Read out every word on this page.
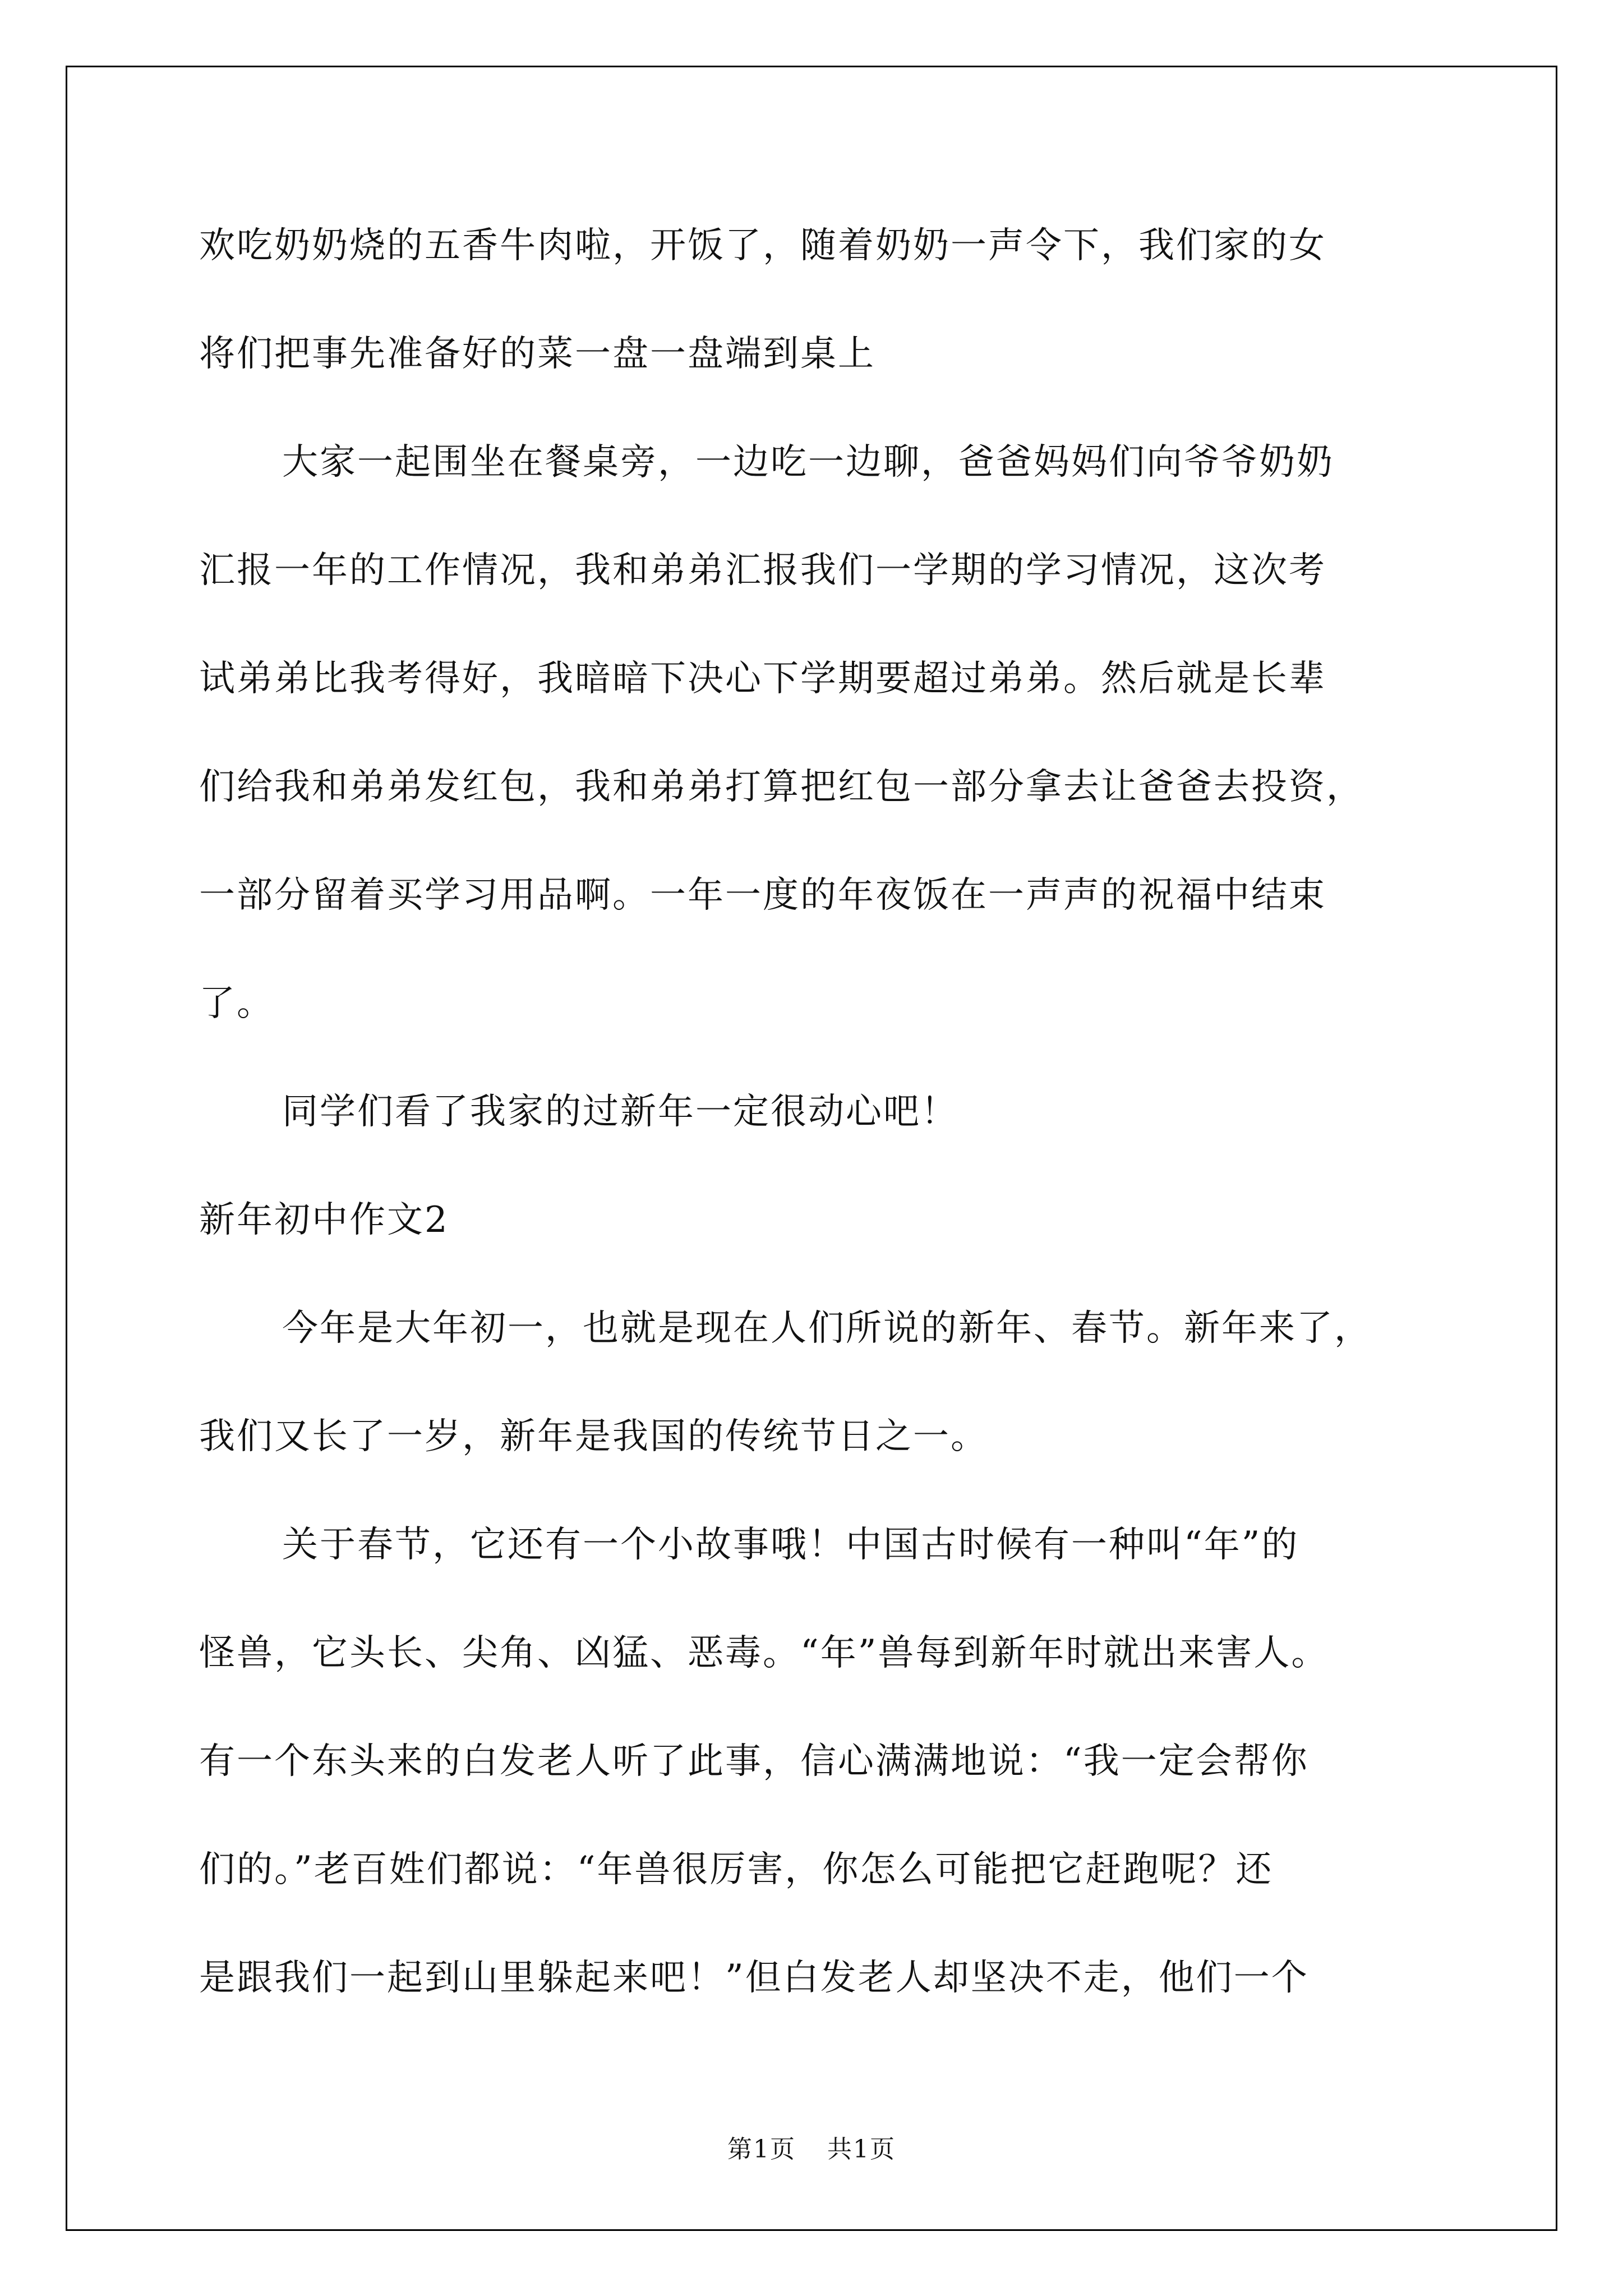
欢吃奶奶烧的五香牛肉啦，开饭了，随着奶奶一声令下，我们家的女

将们把事先准备好的菜一盘一盘端到桌上

大家一起围坐在餐桌旁，一边吃一边聊，爸爸妈妈们向爷爷奶奶

汇报一年的工作情况，我和弟弟汇报我们一学期的学习情况，这次考

试弟弟比我考得好，我暗暗下决心下学期要超过弟弟。然后就是长辈

们给我和弟弟发红包，我和弟弟打算把红包一部分拿去让爸爸去投资，

一部分留着买学习用品啊。一年一度的年夜饭在一声声的祝福中结束

了。

同学们看了我家的过新年一定很动心吧！

新年初中作文2

今年是大年初一，也就是现在人们所说的新年、春节。新年来了，

我们又长了一岁，新年是我国的传统节日之一。

关于春节，它还有一个小故事哦！中国古时候有一种叫“年”的

怪兽，它头长、尖角、凶猛、恶毒。“年”兽每到新年时就出来害人。

有一个东头来的白发老人听了此事，信心满满地说：“我一定会帮你

们的。”老百姓们都说：“年兽很厉害，你怎么可能把它赶跑呢？还

是跟我们一起到山里躲起来吧！”但白发老人却坚决不走，他们一个

第1页 共1页
